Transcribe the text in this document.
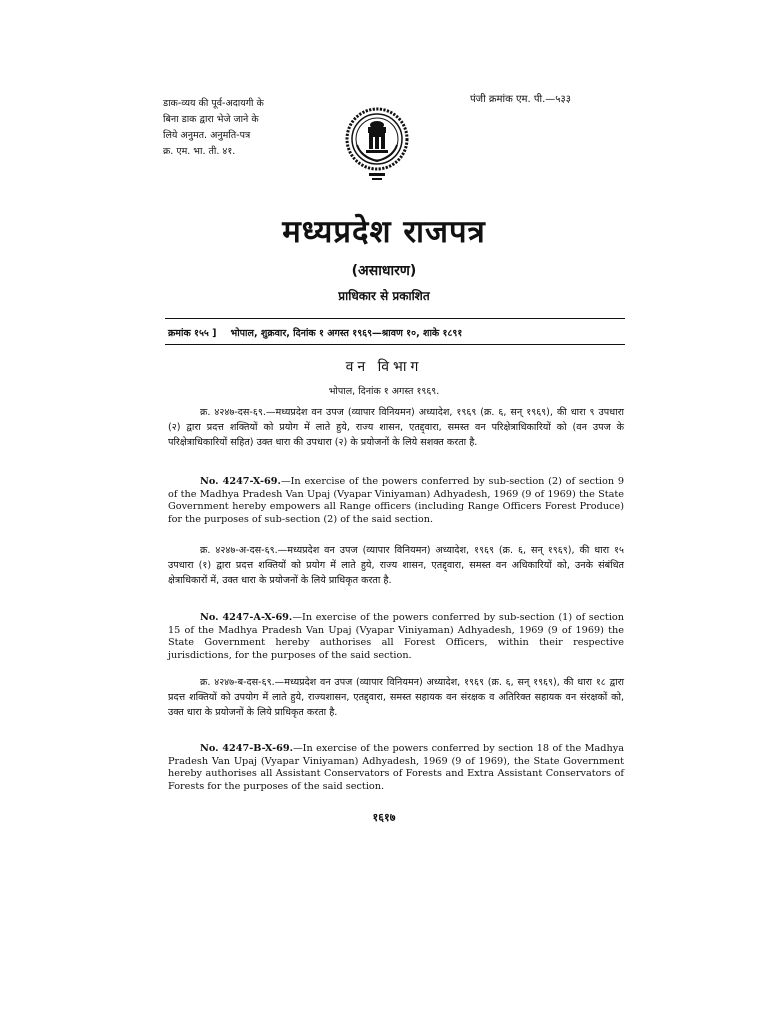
डाक-व्यय की पूर्व-अदायगी के
बिना डाक द्वारा भेजे जाने के
लिये अनुमत. अनुमति-पत्र
क्र. एम. भा. ती. ४१.
पंजी क्रमांक एम. पी.—५३३
मध्यप्रदेश राजपत्र
(असाधारण)
प्राधिकार से प्रकाशित
क्रमांक १५५ ] भोपाल, शुक्रवार, दिनांक १ अगस्त १९६९—श्रावण १०, शाके १८९१
वन विभाग
भोपाल, दिनांक १ अगस्त १९६९.

क्र. ४२४७-दस-६९.—मध्यप्रदेश वन उपज (व्यापार विनियमन) अध्यादेश, १९६९ (क्र. ६, सन् १९६९), की धारा ९ उपधारा (२) द्वारा प्रदत्त शक्तियों को प्रयोग में लाते हुये, राज्य शासन, एतद्द्वारा, समस्त वन परिक्षेत्राधिकारियों को (वन उपज के परिक्षेत्राधिकारियों सहित) उक्त धारा की उपधारा (२) के प्रयोजनों के लिये सशक्त करता है.

No. 4247-X-69.—In exercise of the powers conferred by sub-section (2) of section 9 of the Madhya Pradesh Van Upaj (Vyapar Viniyaman) Adhyadesh, 1969 (9 of 1969) the State Government hereby empowers all Range officers (including Range Officers Forest Produce) for the purposes of sub-section (2) of the said section.

क्र. ४२४७-अ-दस-६९.—मध्यप्रदेश वन उपज (व्यापार विनियमन) अध्यादेश, १९६९ (क्र. ६, सन् १९६९), की धारा १५ उपधारा (१) द्वारा प्रदत्त शक्तियों को प्रयोग में लाते हुये, राज्य शासन, एतद्द्वारा, समस्त वन अधिकारियों को, उनके संबंधित क्षेत्राधिकारों में, उक्त धारा के प्रयोजनों के लिये प्राधिकृत करता है.

No. 4247-A-X-69.—In exercise of the powers conferred by sub-section (1) of section 15 of the Madhya Pradesh Van Upaj (Vyapar Viniyaman) Adhyadesh, 1969 (9 of 1969) the State Government hereby authorises all Forest Officers, within their respective jurisdictions, for the purposes of the said section.

क्र. ४२४७-ब-दस-६९.—मध्यप्रदेश वन उपज (व्यापार विनियमन) अध्यादेश, १९६९ (क्र. ६, सन् १९६९), की धारा १८ द्वारा प्रदत्त शक्तियों को उपयोग में लाते हुये, राज्यशासन, एतद्द्वारा, समस्त सहायक वन संरक्षक व अतिरिक्त सहायक वन संरक्षकों को, उक्त धारा के प्रयोजनों के लिये प्राधिकृत करता है.

No. 4247-B-X-69.—In exercise of the powers conferred by section 18 of the Madhya Pradesh Van Upaj (Vyapar Viniyaman) Adhyadesh, 1969 (9 of 1969), the State Government hereby authorises all Assistant Conservators of Forests and Extra Assistant Conservators of Forests for the purposes of the said section.

१६१७
